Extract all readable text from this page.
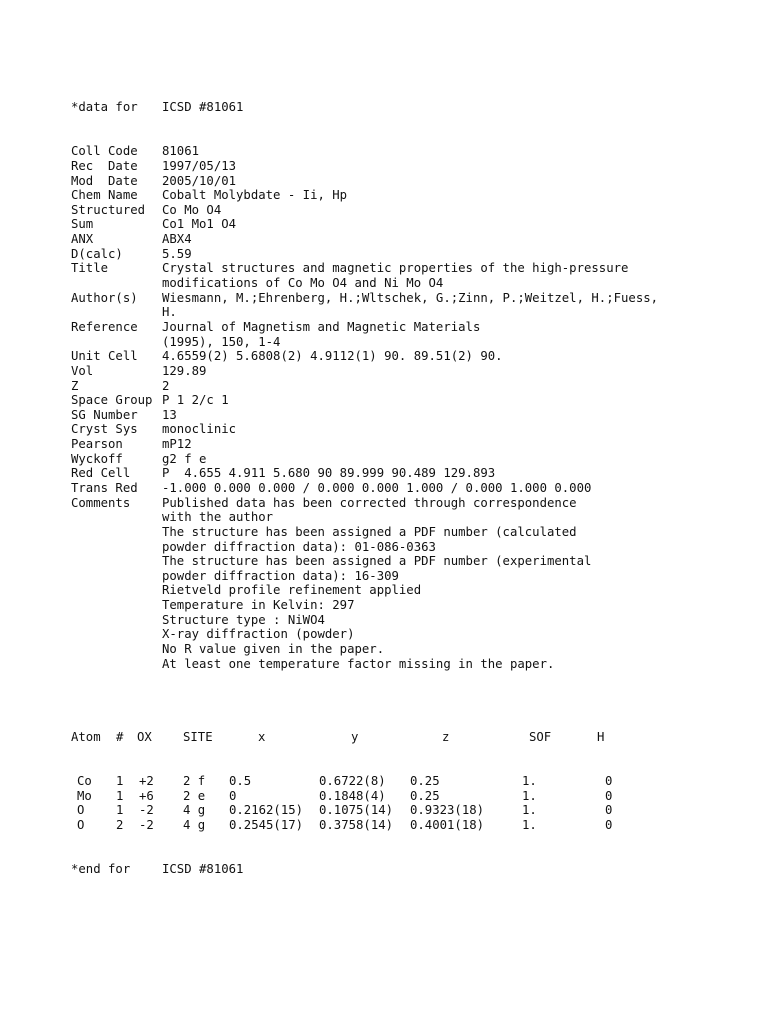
*data for ICSD #81061

Coll Code 81061
Rec  Date 1997/05/13
Mod  Date 2005/10/01
Chem Name Cobalt Molybdate - Ii, Hp
Structured Co Mo O4
Sum	Co1 Mo1 O4
ANX	ABX4
D(calc)	5.59
Title	Crystal structures and magnetic properties of the high-pressure
modifications of Co Mo O4 and Ni Mo O4
Author(s) Wiesmann, M.;Ehrenberg, H.;Wltschek, G.;Zinn, P.;Weitzel, H.;Fuess,
H.
Reference Journal of Magnetism and Magnetic Materials
(1995), 150, 1-4
Unit Cell 4.6559(2) 5.6808(2) 4.9112(1) 90. 89.51(2) 90.
Vol	129.89
Z	2
Space Group P 1 2/c 1
SG Number 13
Cryst Sys monoclinic
Pearson	mP12
Wyckoff	g2 f e
Red Cell	P  4.655 4.911 5.680 90 89.999 90.489 129.893
Trans Red -1.000 0.000 0.000 / 0.000 0.000 1.000 / 0.000 1.000 0.000
Comments	Published data has been corrected through correspondence
with the author
The structure has been assigned a PDF number (calculated
powder diffraction data): 01-086-0363
The structure has been assigned a PDF number (experimental
powder diffraction data): 16-309
Rietveld profile refinement applied
Temperature in Kelvin: 297
Structure type : NiWO4
X-ray diffraction (powder)
No R value given in the paper.
At least one temperature factor missing in the paper.

Atom # OX	SITE	x	y	z	SOF	H

Co 1 +2 2 f 0.5	0.6722(8) 0.25	1.	0
Mo 1 +6 2 e 0	0.1848(4) 0.25	1.	0
O	1 -2 4 g 0.2162(15) 0.1075(14) 0.9323(18)	1.	0
O	2 -2 4 g 0.2545(17) 0.3758(14) 0.4001(18)	1.	0

*end for	ICSD #81061
